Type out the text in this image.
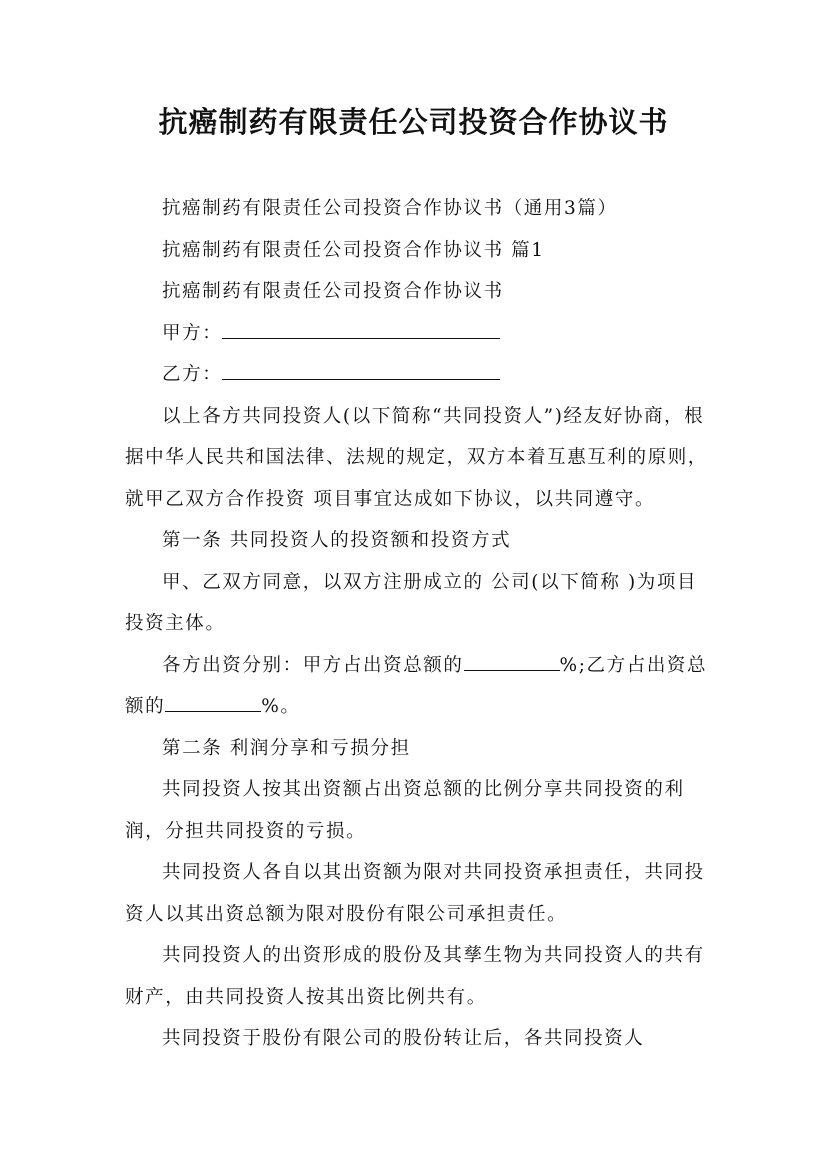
抗癌制药有限责任公司投资合作协议书

抗癌制药有限责任公司投资合作协议书（通用3篇）

抗癌制药有限责任公司投资合作协议书 篇1

抗癌制药有限责任公司投资合作协议书

甲方：

乙方：

以上各方共同投资人(以下简称“共同投资人”)经友好协商，根据中华人民共和国法律、法规的规定，双方本着互惠互利的原则，就甲乙双方合作投资 项目事宜达成如下协议，以共同遵守。

第一条 共同投资人的投资额和投资方式

甲、乙双方同意，以双方注册成立的 公司(以下简称 )为项目投资主体。

各方出资分别：甲方占出资总额的	%;乙方占出资总额的	%。

第二条 利润分享和亏损分担

共同投资人按其出资额占出资总额的比例分享共同投资的利润，分担共同投资的亏损。

共同投资人各自以其出资额为限对共同投资承担责任，共同投资人以其出资总额为限对股份有限公司承担责任。

共同投资人的出资形成的股份及其孳生物为共同投资人的共有财产，由共同投资人按其出资比例共有。

共同投资于股份有限公司的股份转让后，各共同投资人
